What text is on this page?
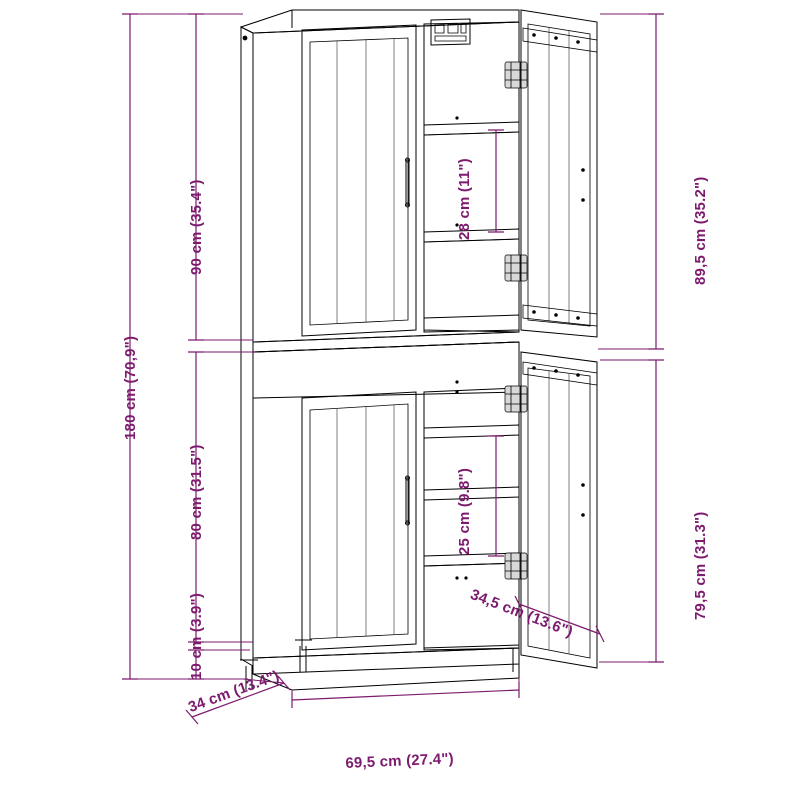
180 cm (70,9")
90 cm (35.4")
80 cm (31.5")
10 cm (3.9")
28 cm (11")
25 cm (9.8")
89,5 cm (35.2")
79,5 cm (31.3")
34,5 cm (13.6")
34 cm (13.4")
69,5 cm (27.4")
